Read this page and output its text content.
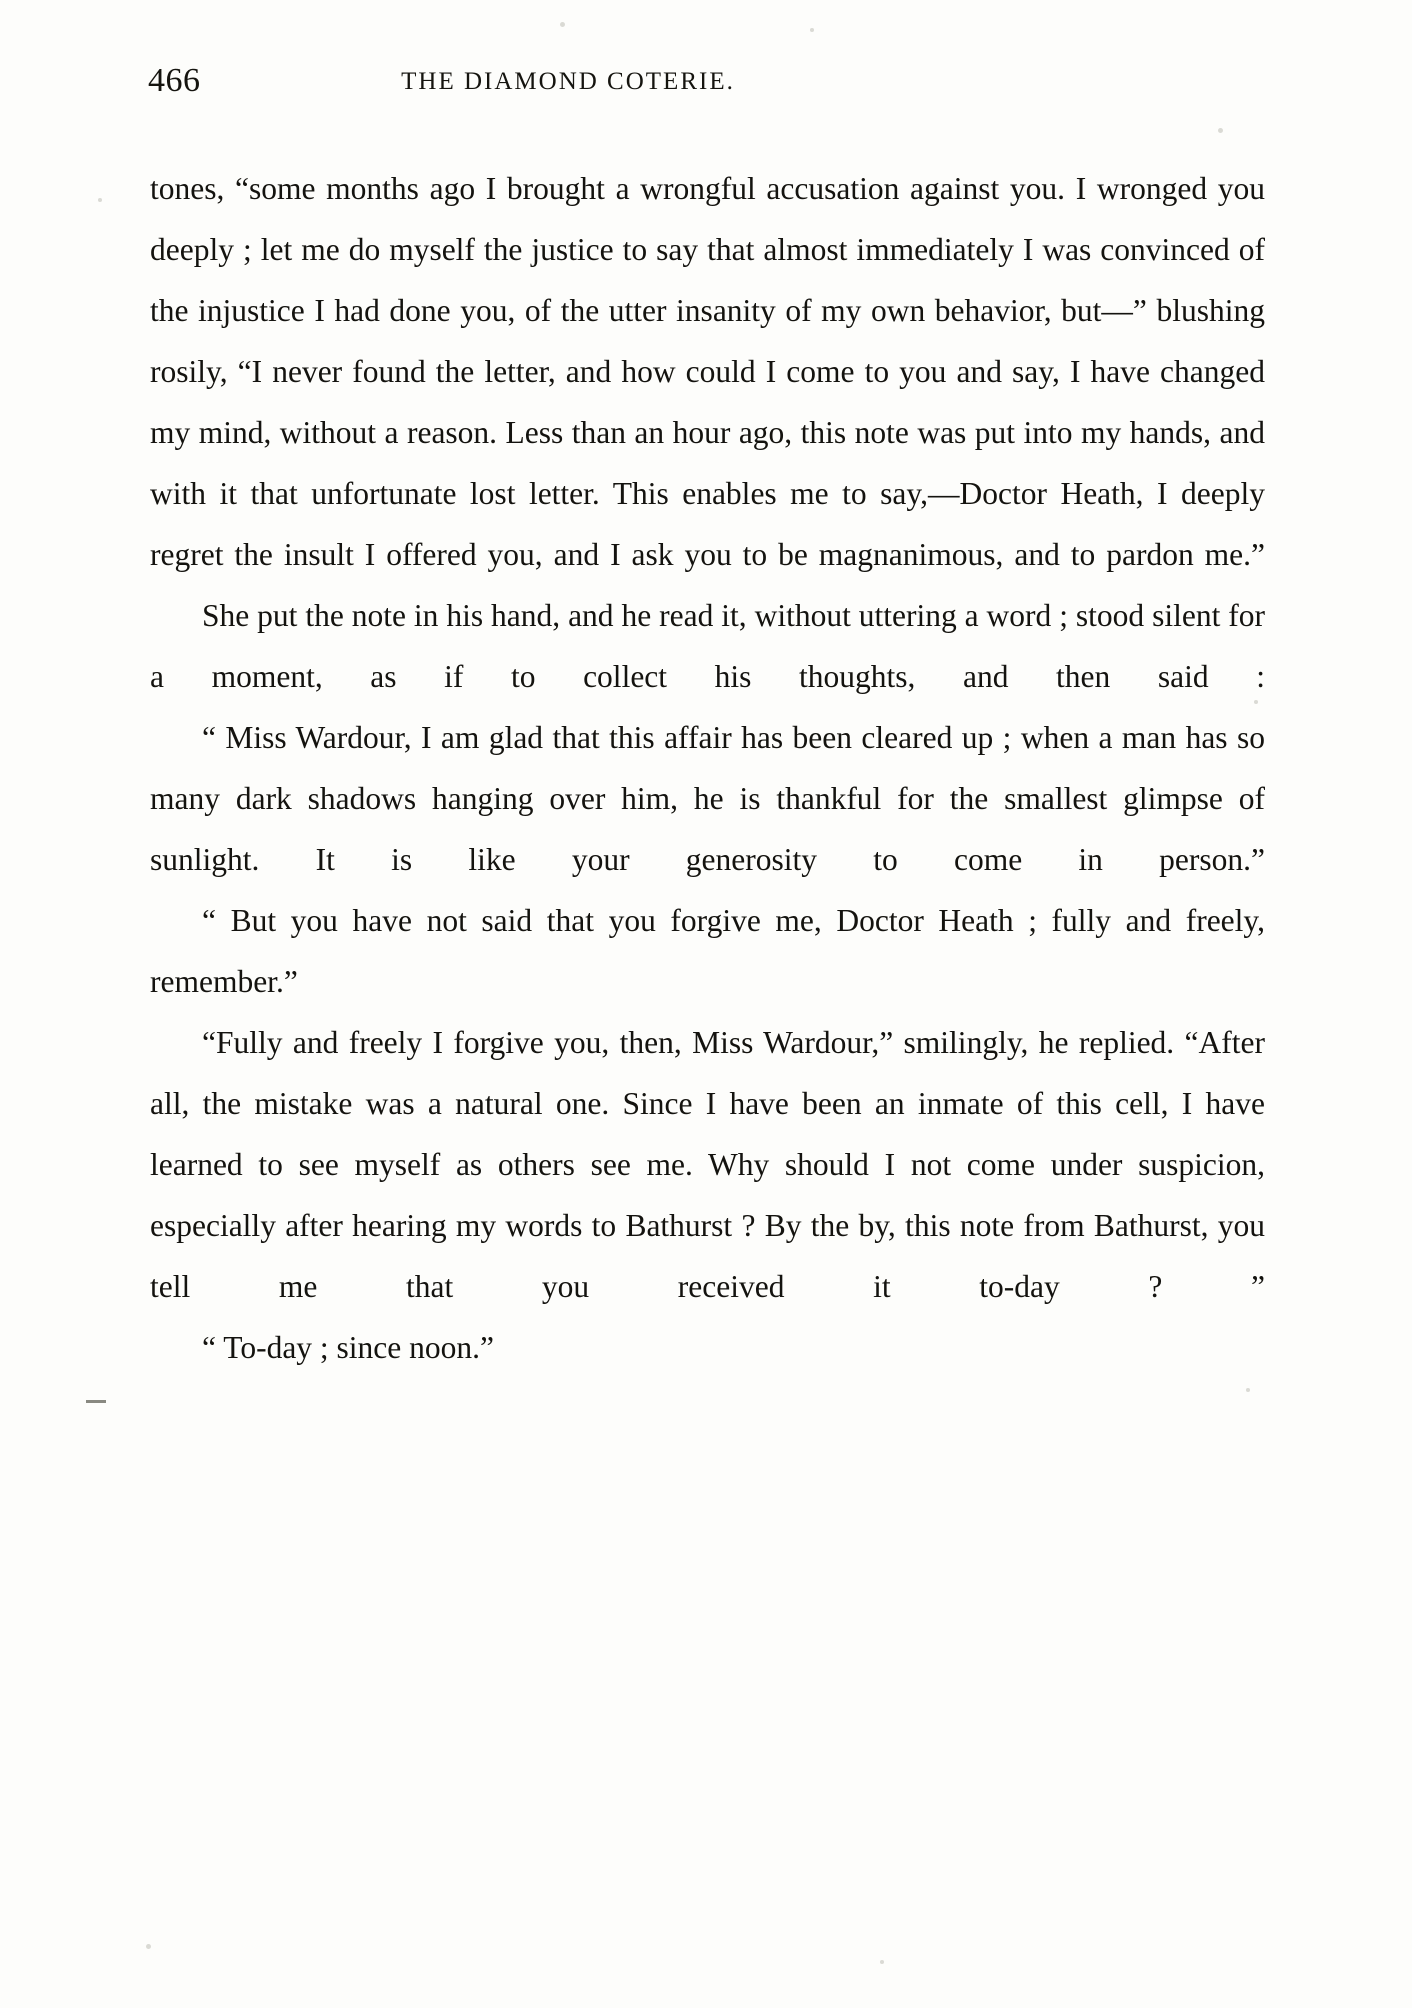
466	THE DIAMOND COTERIE.

tones, “some months ago I brought a wrongful accusation against you. I wronged you deeply ; let me do myself the justice to say that almost immediately I was convinced of the injustice I had done you, of the utter insanity of my own behavior, but—” blushing rosily, “I never found the letter, and how could I come to you and say, I have changed my mind, without a reason. Less than an hour ago, this note was put into my hands, and with it that unfortunate lost letter. This enables me to say,—Doctor Heath, I deeply regret the insult I offered you, and I ask you to be magnanimous, and to pardon me.”

She put the note in his hand, and he read it, without uttering a word ; stood silent for a moment, as if to collect his thoughts, and then said :

“ Miss Wardour, I am glad that this affair has been cleared up ; when a man has so many dark shadows hanging over him, he is thankful for the smallest glimpse of sunlight. It is like your generosity to come in person.”

“ But you have not said that you forgive me, Doctor Heath ; fully and freely, remember.”

“Fully and freely I forgive you, then, Miss Wardour,” smilingly, he replied. “After all, the mistake was a natural one. Since I have been an inmate of this cell, I have learned to see myself as others see me. Why should I not come under suspicion, especially after hearing my words to Bathurst ? By the by, this note from Bathurst, you tell me that you received it to-day ? ”

“ To-day ; since noon.”
